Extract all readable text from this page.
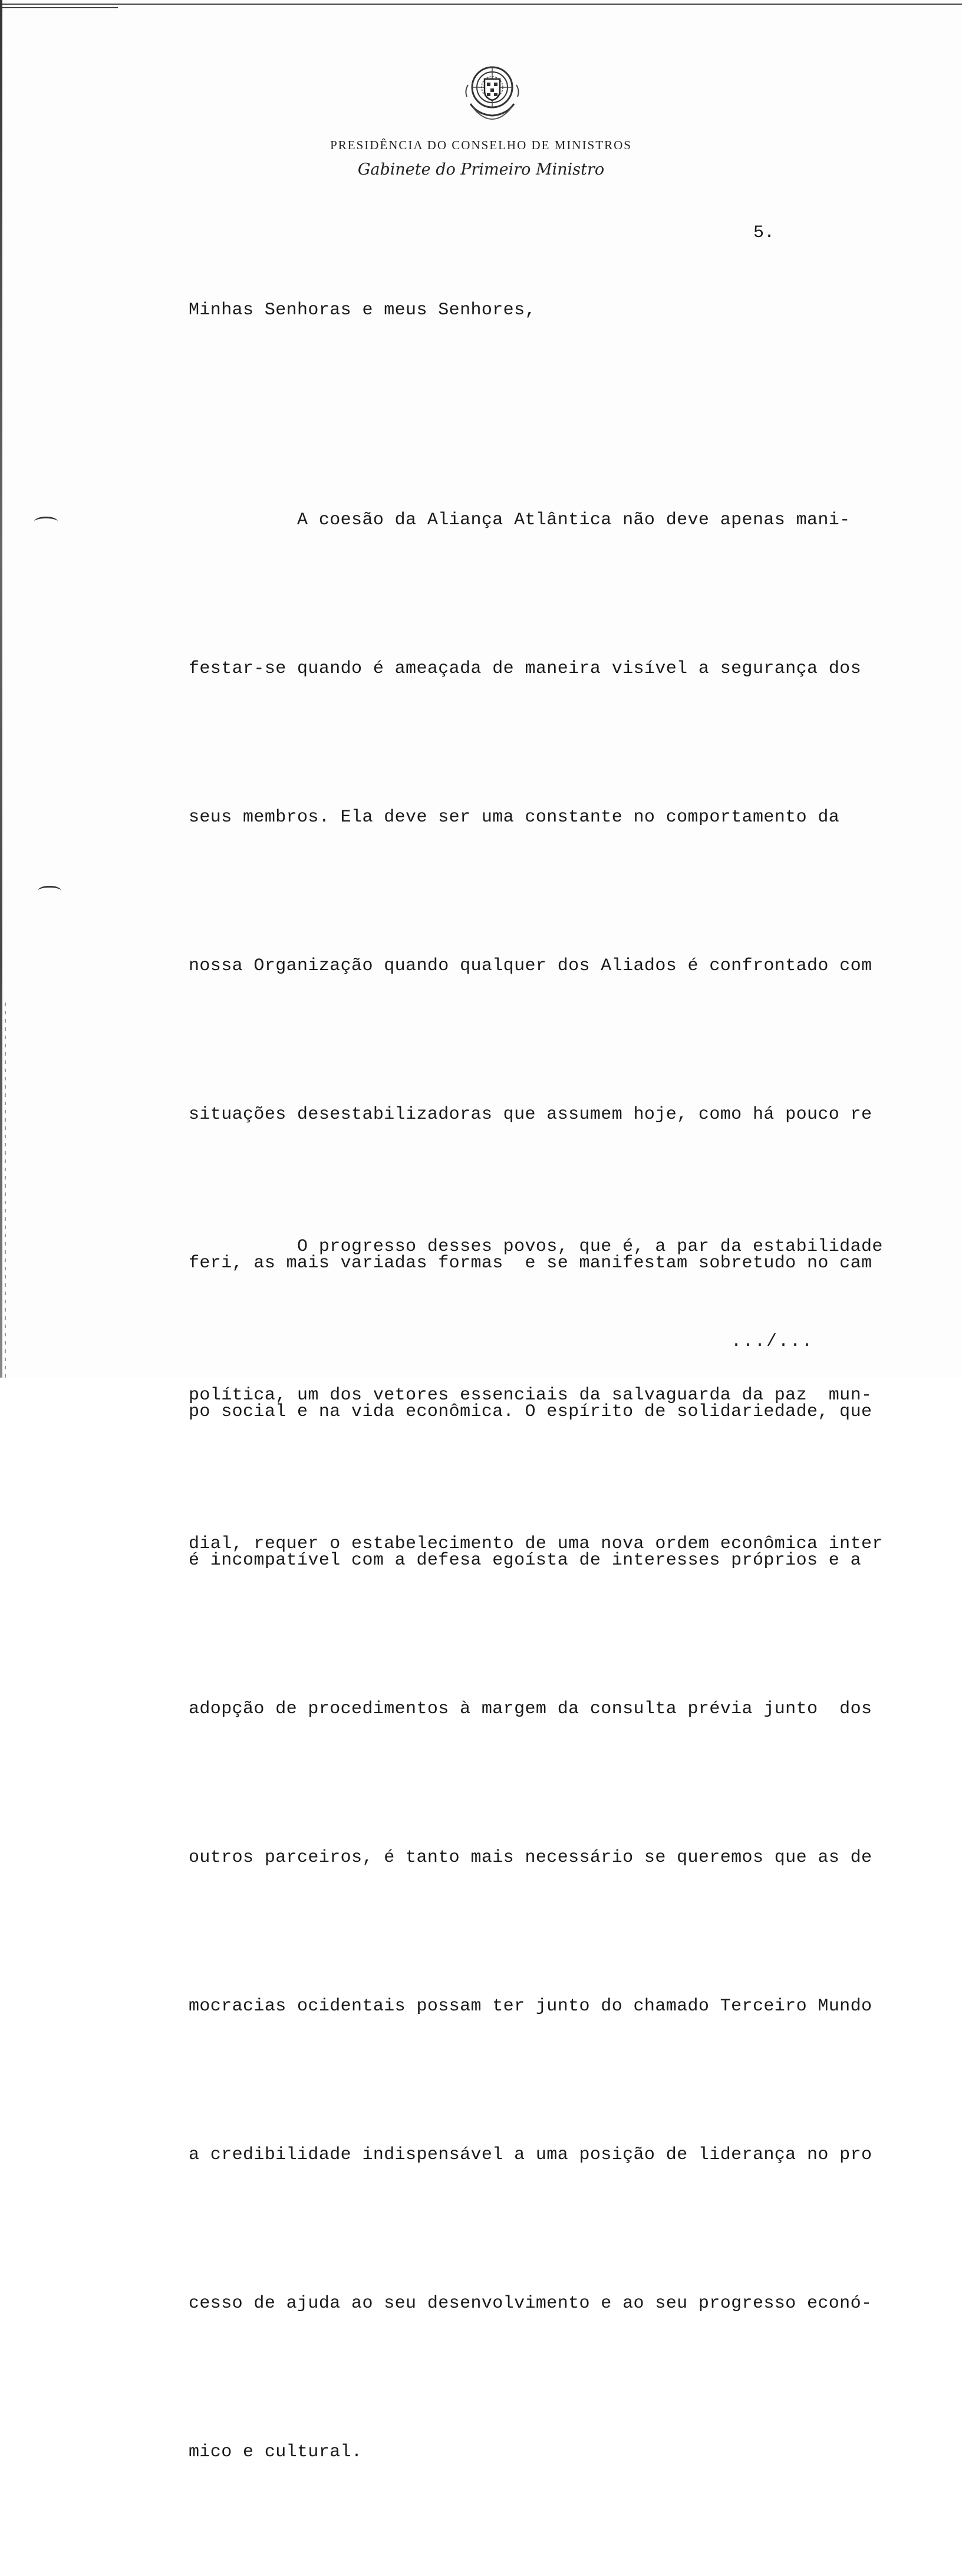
PRESIDÊNCIA DO CONSELHO DE MINISTROS
Gabinete do Primeiro Ministro
5.
Minhas Senhoras e meus Senhores,

A coesão da Aliança Atlântica não deve apenas mani-

festar-se quando é ameaçada de maneira visível a segurança dos

seus membros. Ela deve ser uma constante no comportamento da

nossa Organização quando qualquer dos Aliados é confrontado com

situações desestabilizadoras que assumem hoje, como há pouco re

feri, as mais variadas formas  e se manifestam sobretudo no cam

po social e na vida econômica. O espírito de solidariedade, que

é incompatível com a defesa egoísta de interesses próprios e a

adopção de procedimentos à margem da consulta prévia junto  dos

outros parceiros, é tanto mais necessário se queremos que as de

mocracias ocidentais possam ter junto do chamado Terceiro Mundo

a credibilidade indispensável a uma posição de liderança no pro

cesso de ajuda ao seu desenvolvimento e ao seu progresso econó-

mico e cultural.

O progresso desses povos, que é, a par da estabilidade

política, um dos vetores essenciais da salvaguarda da paz  mun-

dial, requer o estabelecimento de uma nova ordem econômica inter

.../...
